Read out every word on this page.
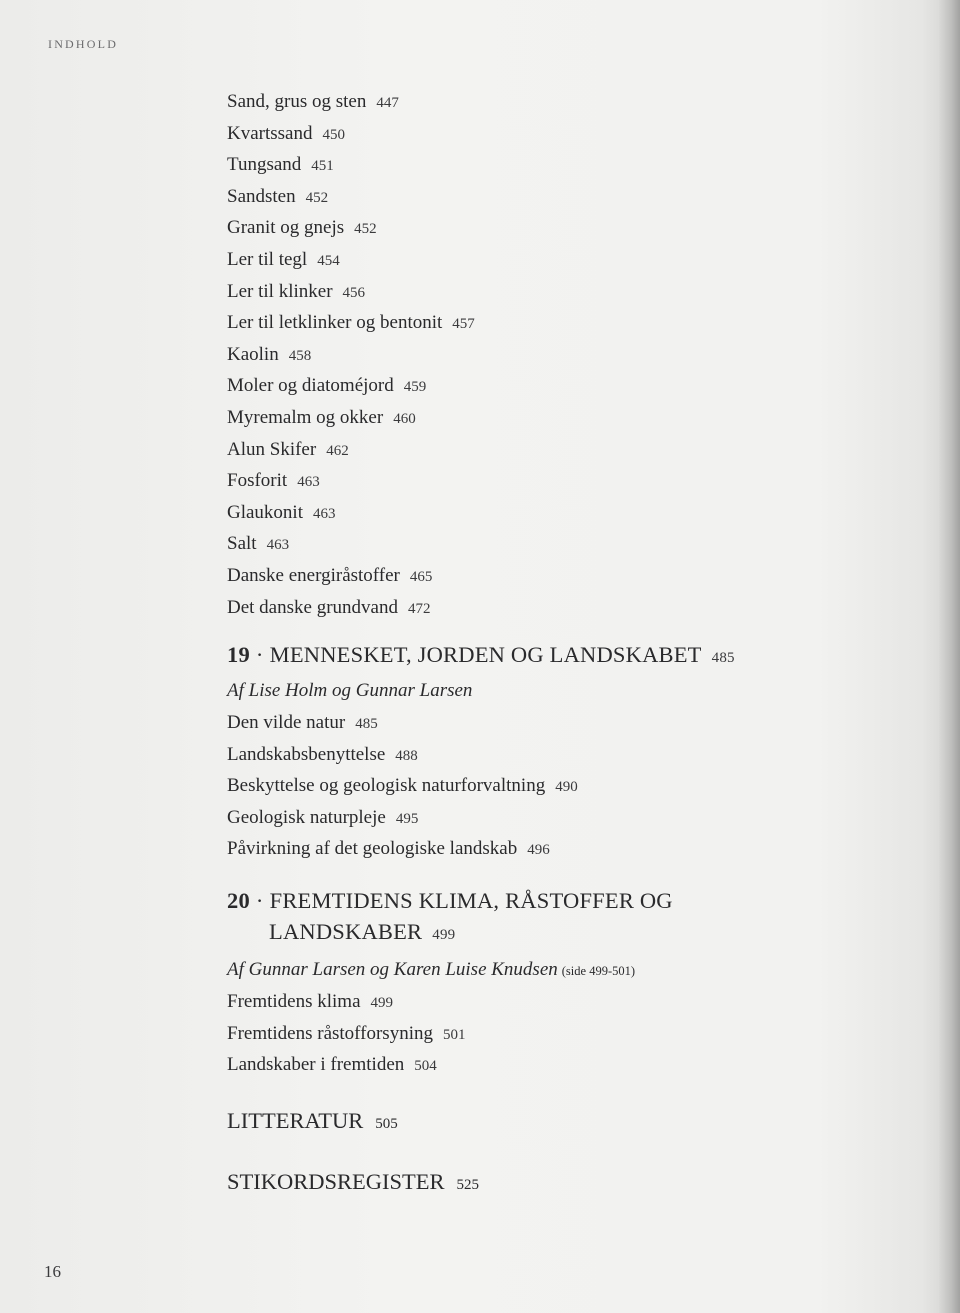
INDHOLD
Sand, grus og sten 447
Kvartssand 450
Tungsand 451
Sandsten 452
Granit og gnejs 452
Ler til tegl 454
Ler til klinker 456
Ler til letklinker og bentonit 457
Kaolin 458
Moler og diatoméjord 459
Myremalm og okker 460
Alun Skifer 462
Fosforit 463
Glaukonit 463
Salt 463
Danske energiråstoffer 465
Det danske grundvand 472
19 · MENNESKET, JORDEN OG LANDSKABET 485
Af Lise Holm og Gunnar Larsen
Den vilde natur 485
Landskabsbenyttelse 488
Beskyttelse og geologisk naturforvaltning 490
Geologisk naturpleje 495
Påvirkning af det geologiske landskab 496
20 · FREMTIDENS KLIMA, RÅSTOFFER OG
LANDSKABER 499
Af Gunnar Larsen og Karen Luise Knudsen (side 499-501)
Fremtidens klima 499
Fremtidens råstofforsyning 501
Landskaber i fremtiden 504
LITTERATUR 505
STIKORDSREGISTER 525
16
